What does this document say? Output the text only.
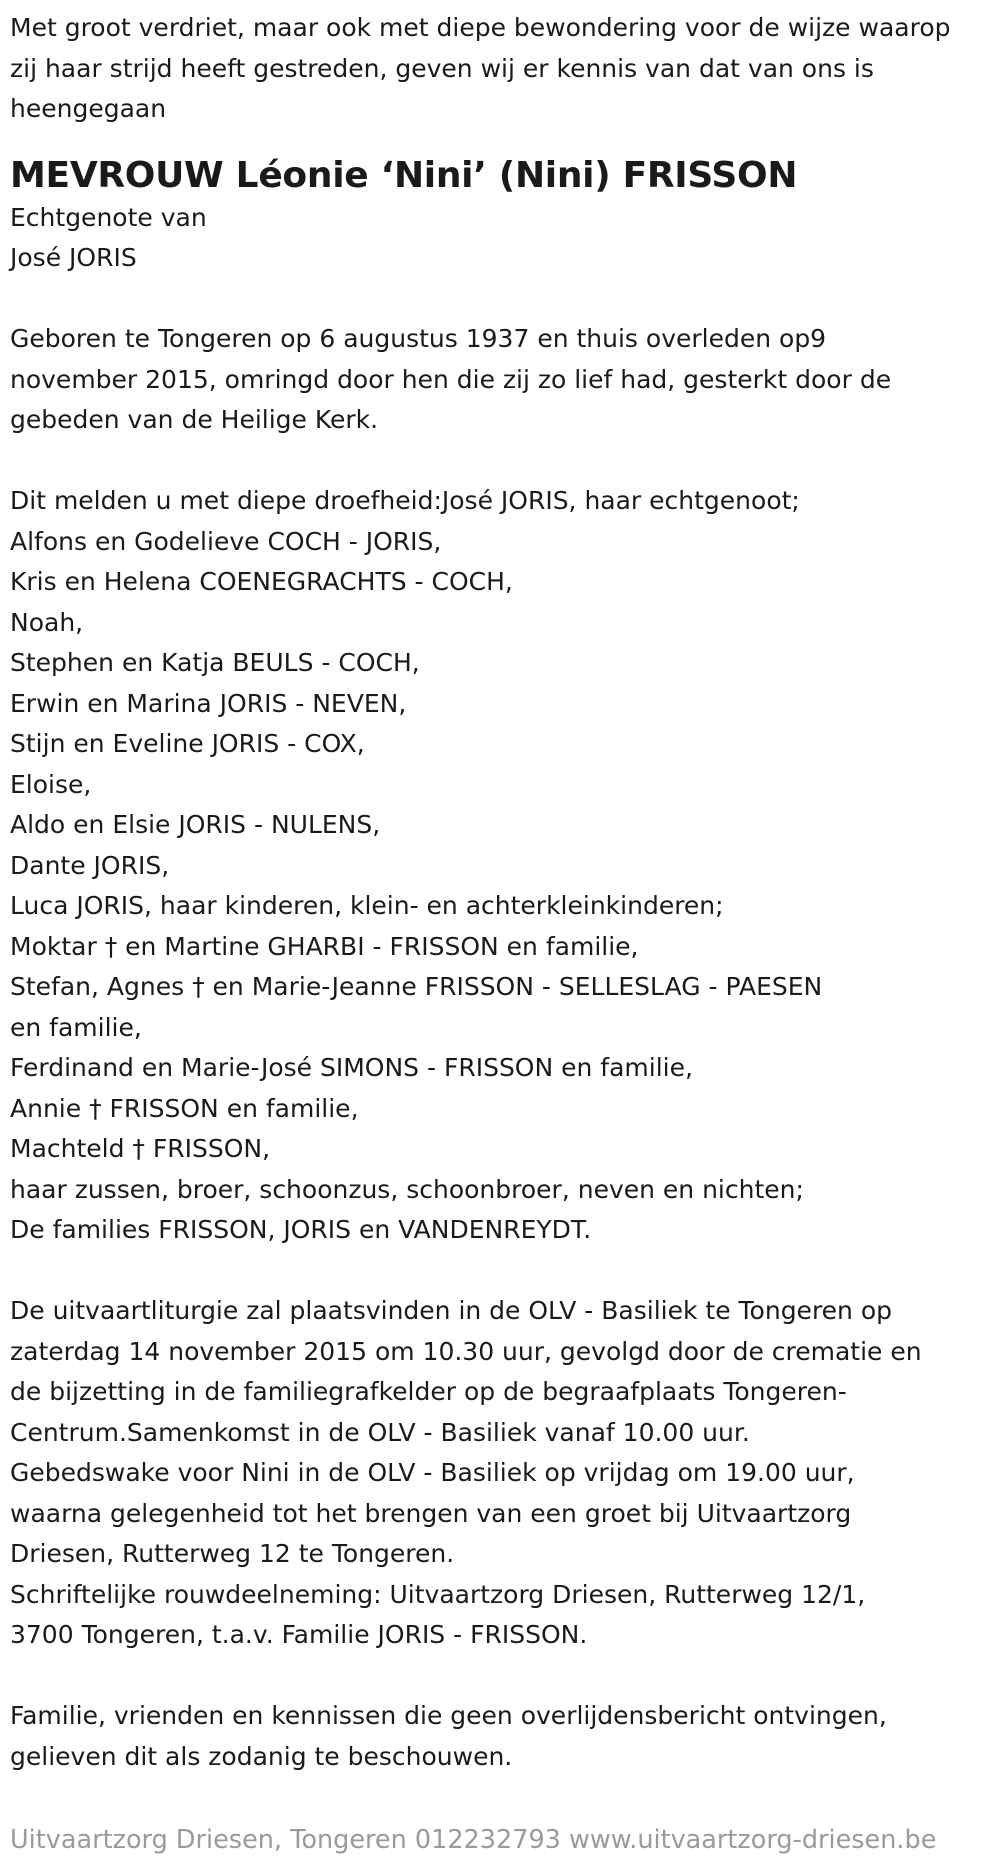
Met groot verdriet, maar ook met diepe bewondering voor de wijze waarop zij haar strijd heeft gestreden, geven wij er kennis van dat van ons is heengegaan

MEVROUW Léonie ‘Nini’ (Nini) FRISSON
Echtgenote van
José JORIS
Geboren te Tongeren op 6 augustus 1937 en thuis overleden op9
november 2015, omringd door hen die zij zo lief had, gesterkt door de
gebeden van de Heilige Kerk.
Dit melden u met diepe droefheid:José JORIS, haar echtgenoot;
Alfons en Godelieve COCH - JORIS,
Kris en Helena COENEGRACHTS - COCH,
Noah,
Stephen en Katja BEULS - COCH,
Erwin en Marina JORIS - NEVEN,
Stijn en Eveline JORIS - COX,
Eloise,
Aldo en Elsie JORIS - NULENS,
Dante JORIS,
Luca JORIS, haar kinderen, klein- en achterkleinkinderen;
Moktar † en Martine GHARBI - FRISSON en familie,
Stefan, Agnes † en Marie-Jeanne FRISSON - SELLESLAG - PAESEN
en familie,
Ferdinand en Marie-José SIMONS - FRISSON en familie,
Annie † FRISSON en familie,
Machteld † FRISSON,
haar zussen, broer, schoonzus, schoonbroer, neven en nichten;
De families FRISSON, JORIS en VANDENREYDT.
De uitvaartliturgie zal plaatsvinden in de OLV - Basiliek te Tongeren op
zaterdag 14 november 2015 om 10.30 uur, gevolgd door de crematie en
de bijzetting in de familiegrafkelder op de begraafplaats Tongeren-
Centrum.Samenkomst in de OLV - Basiliek vanaf 10.00 uur.
Gebedswake voor Nini in de OLV - Basiliek op vrijdag om 19.00 uur,
waarna gelegenheid tot het brengen van een groet bij Uitvaartzorg
Driesen, Rutterweg 12 te Tongeren.
Schriftelijke rouwdeelneming: Uitvaartzorg Driesen, Rutterweg 12/1,
3700 Tongeren, t.a.v. Familie JORIS - FRISSON.
Familie, vrienden en kennissen die geen overlijdensbericht ontvingen,
gelieven dit als zodanig te beschouwen.
Uitvaartzorg Driesen, Tongeren 012232793 www.uitvaartzorg-driesen.be
